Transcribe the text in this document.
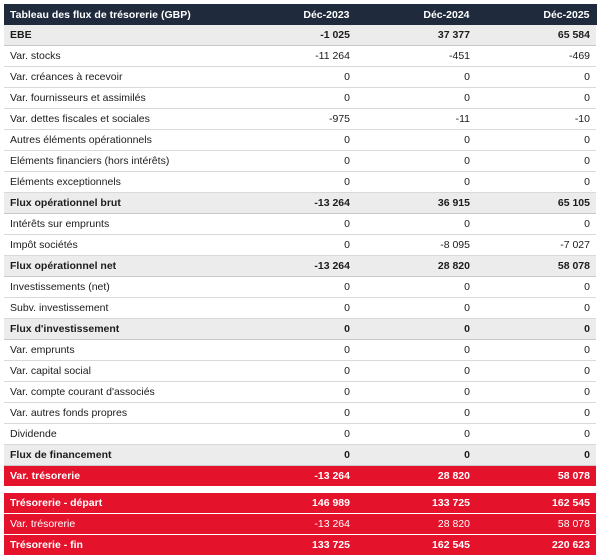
Tableau des flux de trésorerie (GBP)	Déc-2023	Déc-2024	Déc-2025
EBE	-1 025	37 377	65 584
Var. stocks	-11 264	-451	-469
Var. créances à recevoir	0	0	0
Var. fournisseurs et assimilés	0	0	0
Var. dettes fiscales et sociales	-975	-11	-10
Autres éléments opérationnels	0	0	0
Eléments financiers (hors intérêts)	0	0	0
Eléments exceptionnels	0	0	0
Flux opérationnel brut	-13 264	36 915	65 105
Intérêts sur emprunts	0	0	0
Impôt sociétés	0	-8 095	-7 027
Flux opérationnel net	-13 264	28 820	58 078
Investissements (net)	0	0	0
Subv. investissement	0	0	0
Flux d'investissement	0	0	0
Var. emprunts	0	0	0
Var. capital social	0	0	0
Var. compte courant d'associés	0	0	0
Var. autres fonds propres	0	0	0
Dividende	0	0	0
Flux de financement	0	0	0
Var. trésorerie	-13 264	28 820	58 078

Trésorerie - départ	146 989	133 725	162 545
Var. trésorerie	-13 264	28 820	58 078
Trésorerie - fin	133 725	162 545	220 623
